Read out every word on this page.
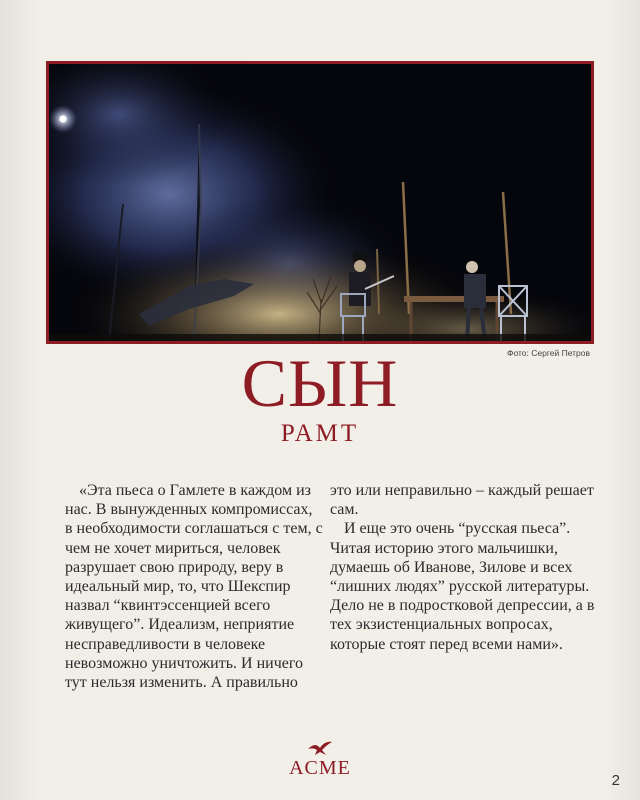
Фото: Сергей Петров
СЫН
РАМТ

«Эта пьеса о Гамлете в каждом из нас. В вынужденных компромиссах, в необходимости соглашаться с тем, с чем не хочет мириться, человек разрушает свою природу, веру в идеальный мир, то, что Шекспир назвал “квинтэссенцией всего живущего”. Идеализм, неприятие несправедливости в человеке невозможно уничтожить. И ничего тут нельзя изменить. А правильно

это или неправильно – каждый решает сам.

И еще это очень “русская пьеса”. Читая историю этого мальчишки, думаешь об Иванове, Зилове и всех “лишних людях” русской литературы. Дело не в подростковой депрессии, а в тех экзистенциальных вопросах, которые стоят перед всеми нами».

ACME
2
